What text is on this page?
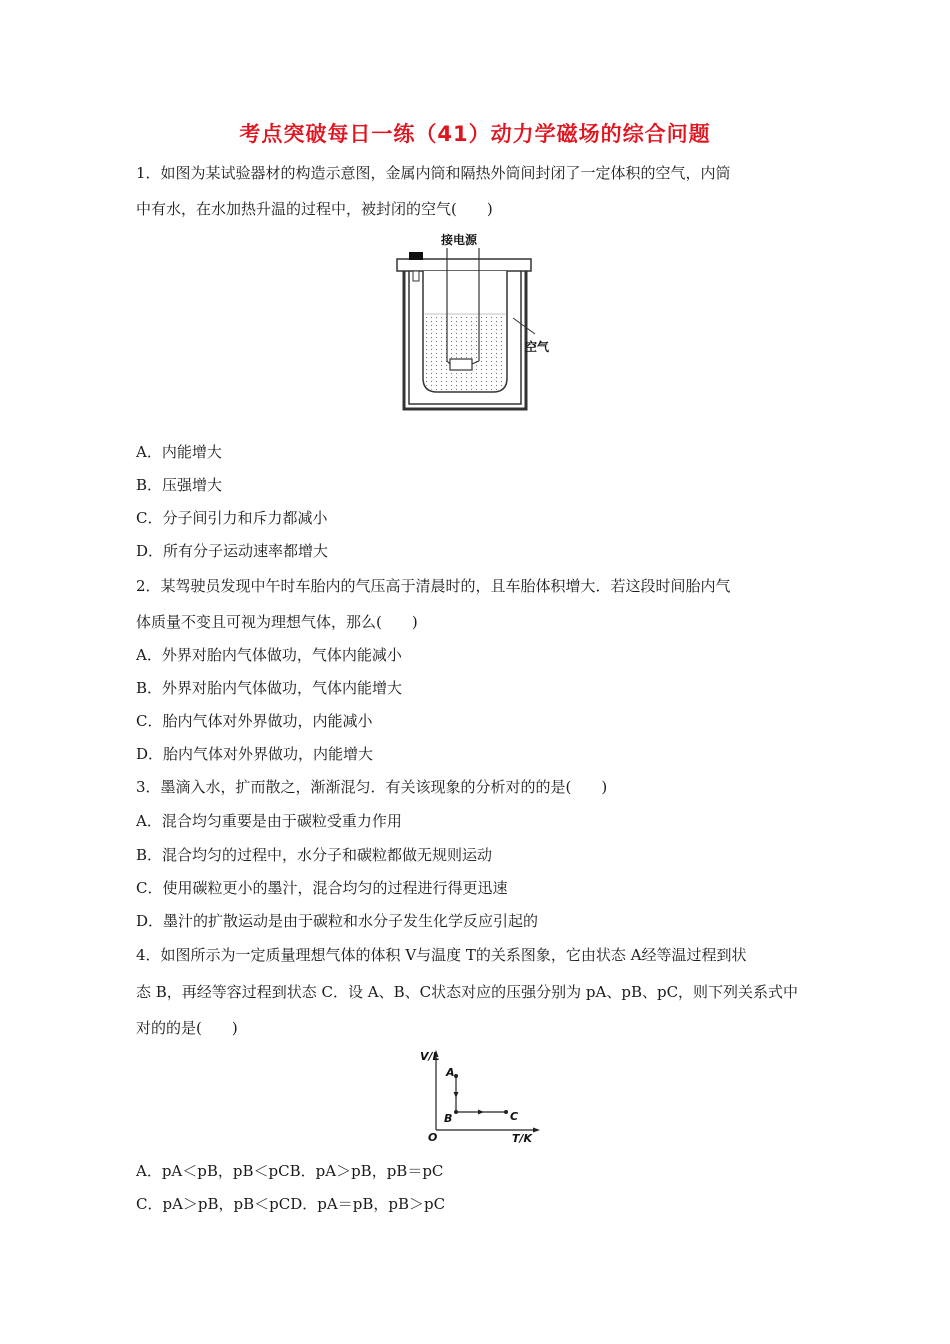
考点突破每日一练（41）动力学磁场的综合问题
1．如图为某试验器材的构造示意图，金属内筒和隔热外筒间封闭了一定体积的空气，内筒
中有水，在水加热升温的过程中，被封闭的空气(　　)
接电源
空气
A．内能增大
B．压强增大
C．分子间引力和斥力都减小
D．所有分子运动速率都增大
2．某驾驶员发现中午时车胎内的气压高于清晨时的，且车胎体积增大．若这段时间胎内气
体质量不变且可视为理想气体，那么(　　)
A．外界对胎内气体做功，气体内能减小
B．外界对胎内气体做功，气体内能增大
C．胎内气体对外界做功，内能减小
D．胎内气体对外界做功，内能增大
3．墨滴入水，扩而散之，渐渐混匀．有关该现象的分析对的的是(　　)
A．混合均匀重要是由于碳粒受重力作用
B．混合均匀的过程中，水分子和碳粒都做无规则运动
C．使用碳粒更小的墨汁，混合均匀的过程进行得更迅速
D．墨汁的扩散运动是由于碳粒和水分子发生化学反应引起的
4．如图所示为一定质量理想气体的体积 V与温度 T的关系图象，它由状态 A经等温过程到状
态 B，再经等容过程到状态 C．设 A、B、C状态对应的压强分别为 pA、pB、pC，则下列关系式中
对的的是(　　)
V/L
T/K
O
A
B	C
A．pA＜pB，pB＜pCB．pA＞pB，pB＝pC
C．pA＞pB，pB＜pCD．pA＝pB，pB＞pC
